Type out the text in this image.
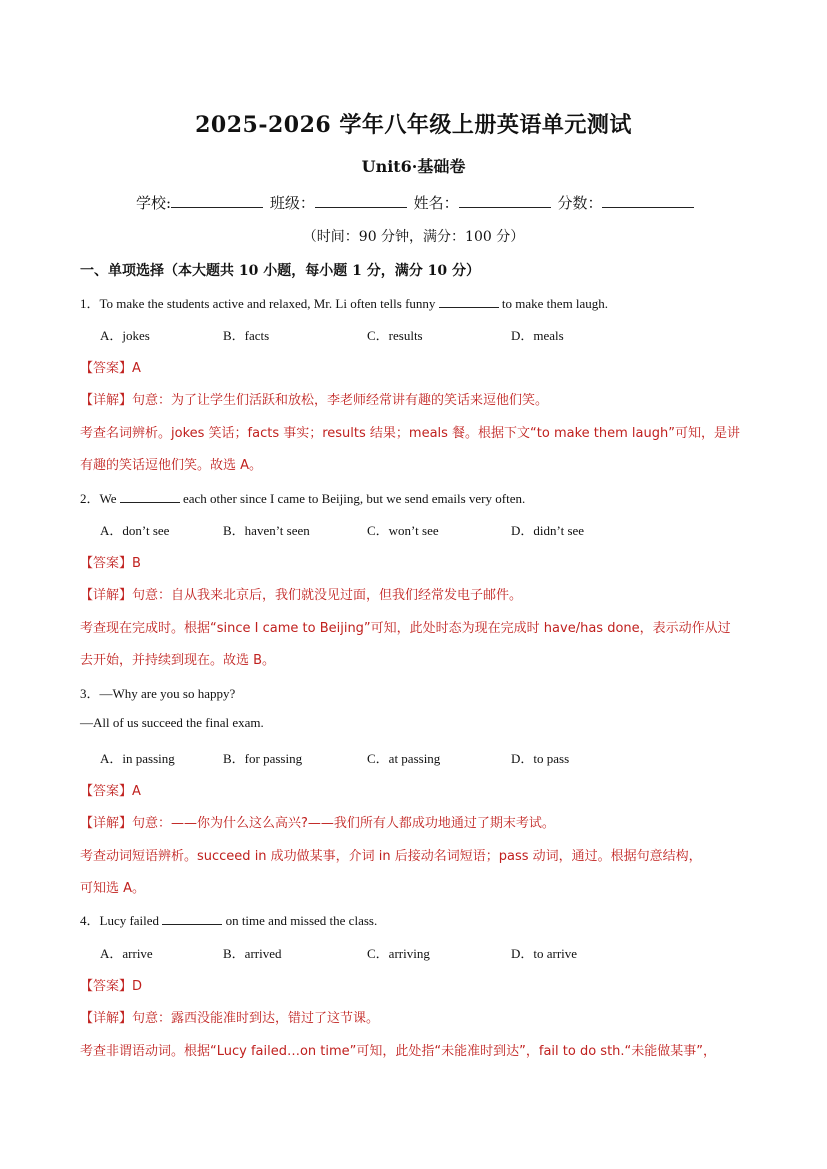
2025-2026 学年八年级上册英语单元测试
Unit6·基础卷
学校:	班级：	姓名：	分数：
（时间：90 分钟，满分：100 分）
一、单项选择（本大题共 10 小题，每小题 1 分，满分 10 分）
1．To make the students active and relaxed, Mr. Li often tells funny	to make them laugh.
A．jokes	B．facts	C．results	D．meals
【答案】A
【详解】句意：为了让学生们活跃和放松，李老师经常讲有趣的笑话来逗他们笑。
考查名词辨析。jokes 笑话；facts 事实；results 结果；meals 餐。根据下文“to make them laugh”可知，是讲
有趣的笑话逗他们笑。故选 A。
2．We	each other since I came to Beijing, but we send emails very often.
A．don’t see	B．haven’t seen	C．won’t see	D．didn’t see
【答案】B
【详解】句意：自从我来北京后，我们就没见过面，但我们经常发电子邮件。
考查现在完成时。根据“since I came to Beijing”可知，此处时态为现在完成时 have/has done，表示动作从过
去开始，并持续到现在。故选 B。
3．—Why are you so happy?
—All of us succeed the final exam.
A．in passing	B．for passing	C．at passing	D．to pass
【答案】A
【详解】句意：——你为什么这么高兴?——我们所有人都成功地通过了期末考试。
考查动词短语辨析。succeed in 成功做某事，介词 in 后接动名词短语；pass 动词，通过。根据句意结构，
可知选 A。
4．Lucy failed	on time and missed the class.
A．arrive	B．arrived	C．arriving	D．to arrive
【答案】D
【详解】句意：露西没能准时到达，错过了这节课。
考查非谓语动词。根据“Lucy failed…on time”可知，此处指“未能准时到达”，fail to do sth.“未能做某事”，
